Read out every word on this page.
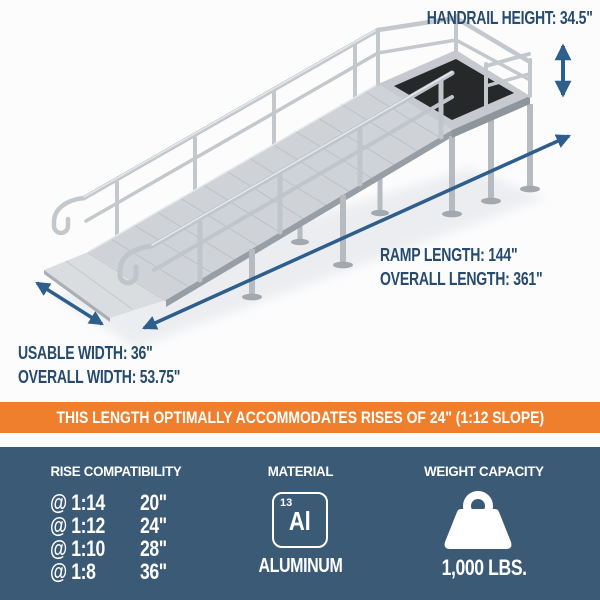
HANDRAIL HEIGHT: 34.5"
RAMP LENGTH: 144"
OVERALL LENGTH: 361"
USABLE WIDTH: 36"
OVERALL WIDTH: 53.75"
THIS LENGTH OPTIMALLY ACCOMMODATES RISES OF 24" (1:12 SLOPE)
RISE COMPATIBILITY
@ 1:14	20"
@ 1:12	24"
@ 1:10	28"
@ 1:8	36"
MATERIAL
13
Al
ALUMINUM
WEIGHT CAPACITY
1,000 LBS.
